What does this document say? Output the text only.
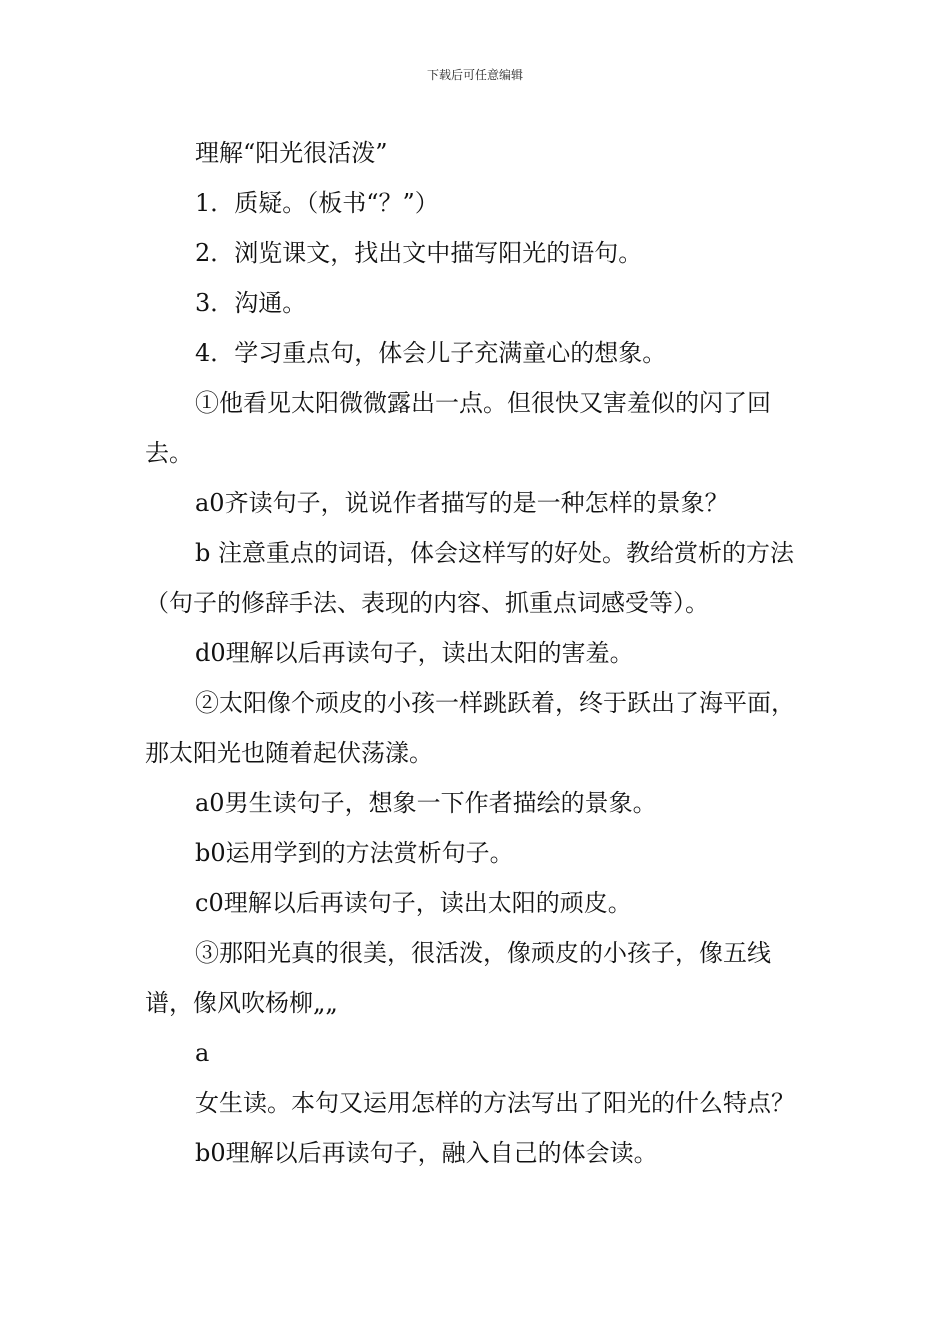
下载后可任意编辑

理解“阳光很活泼”

1．质疑。（板书“？”）

2．浏览课文，找出文中描写阳光的语句。

3．沟通。

4．学习重点句，体会儿子充满童心的想象。

①他看见太阳微微露出一点。但很快又害羞似的闪了回去。

a0齐读句子，说说作者描写的是一种怎样的景象？

b 注意重点的词语，体会这样写的好处。教给赏析的方法（句子的修辞手法、表现的内容、抓重点词感受等）。

d0理解以后再读句子，读出太阳的害羞。

②太阳像个顽皮的小孩一样跳跃着，终于跃出了海平面，那太阳光也随着起伏荡漾。

a0男生读句子，想象一下作者描绘的景象。

b0运用学到的方法赏析句子。

c0理解以后再读句子，读出太阳的顽皮。

③那阳光真的很美，很活泼，像顽皮的小孩子，像五线谱，像风吹杨柳„„

a

女生读。本句又运用怎样的方法写出了阳光的什么特点？

b0理解以后再读句子，融入自己的体会读。
